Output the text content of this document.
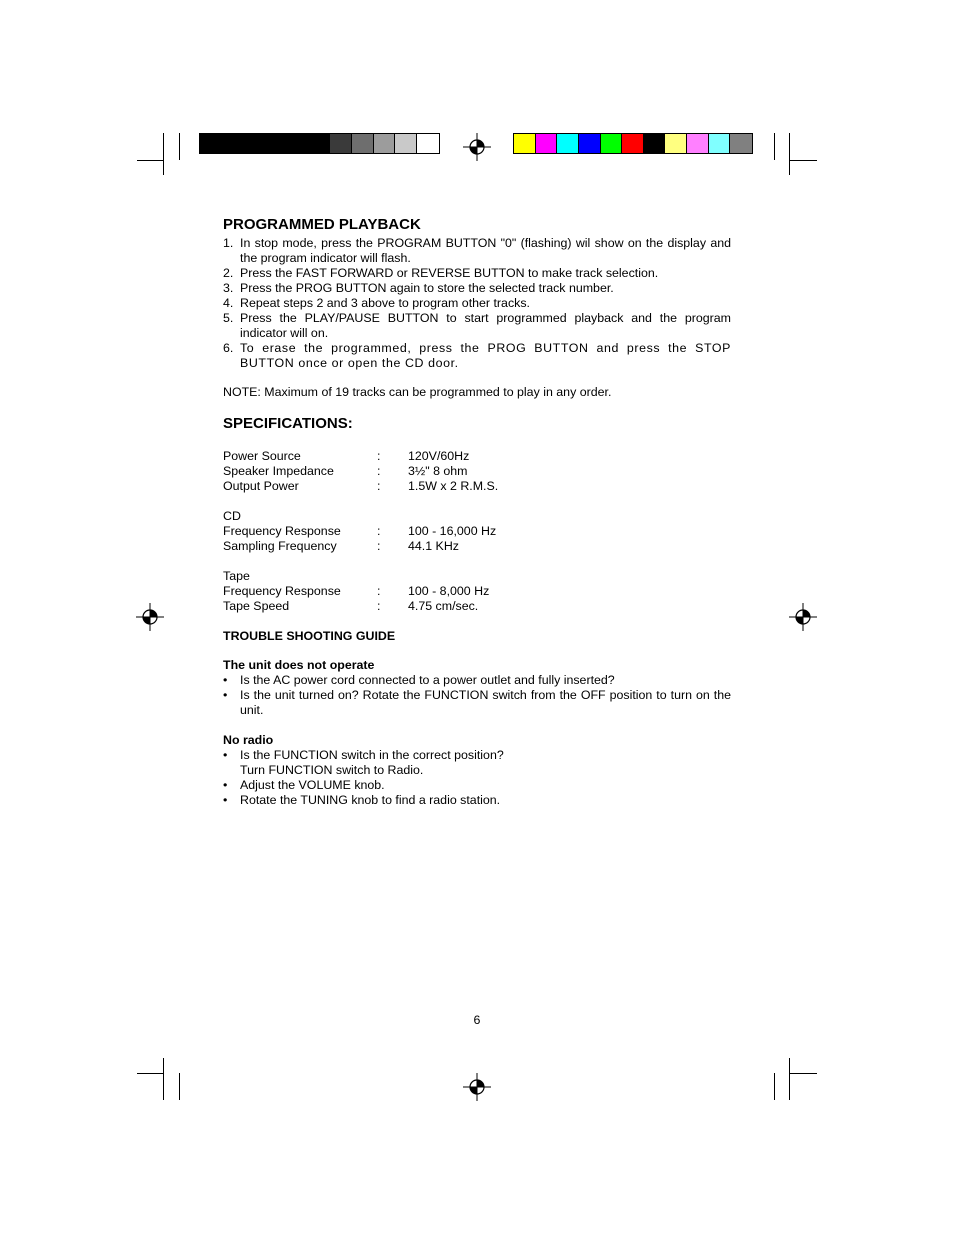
PROGRAMMED PLAYBACK
1. In stop mode, press the PROGRAM BUTTON "0" (flashing) wil show on the display and the program indicator will flash.
2. Press the FAST FORWARD or REVERSE BUTTON to make track selection.
3. Press the PROG BUTTON again to store the selected track number.
4. Repeat steps 2 and 3 above to program other tracks.
5. Press the PLAY/PAUSE BUTTON to start programmed playback and the program indicator will on.
6. To erase the programmed, press the PROG BUTTON and press the STOP BUTTON once or open the CD door.
NOTE: Maximum of 19 tracks can be programmed to play in any order.
SPECIFICATIONS:
Power Source	: 120V/60Hz
Speaker Impedance	: 3½" 8 ohm
Output Power	: 1.5W x 2 R.M.S.
CD
Frequency Response	: 100 - 16,000 Hz
Sampling Frequency	: 44.1 KHz
Tape
Frequency Response	: 100 - 8,000 Hz
Tape Speed	: 4.75 cm/sec.
TROUBLE SHOOTING GUIDE
The unit does not operate
• Is the AC power cord connected to a power outlet and fully inserted?
• Is the unit turned on? Rotate the FUNCTION switch from the OFF position to turn on the unit.
No radio
• Is the FUNCTION switch in the correct position?
Turn FUNCTION switch to Radio.
• Adjust the VOLUME knob.
• Rotate the TUNING knob to find a radio station.
6
